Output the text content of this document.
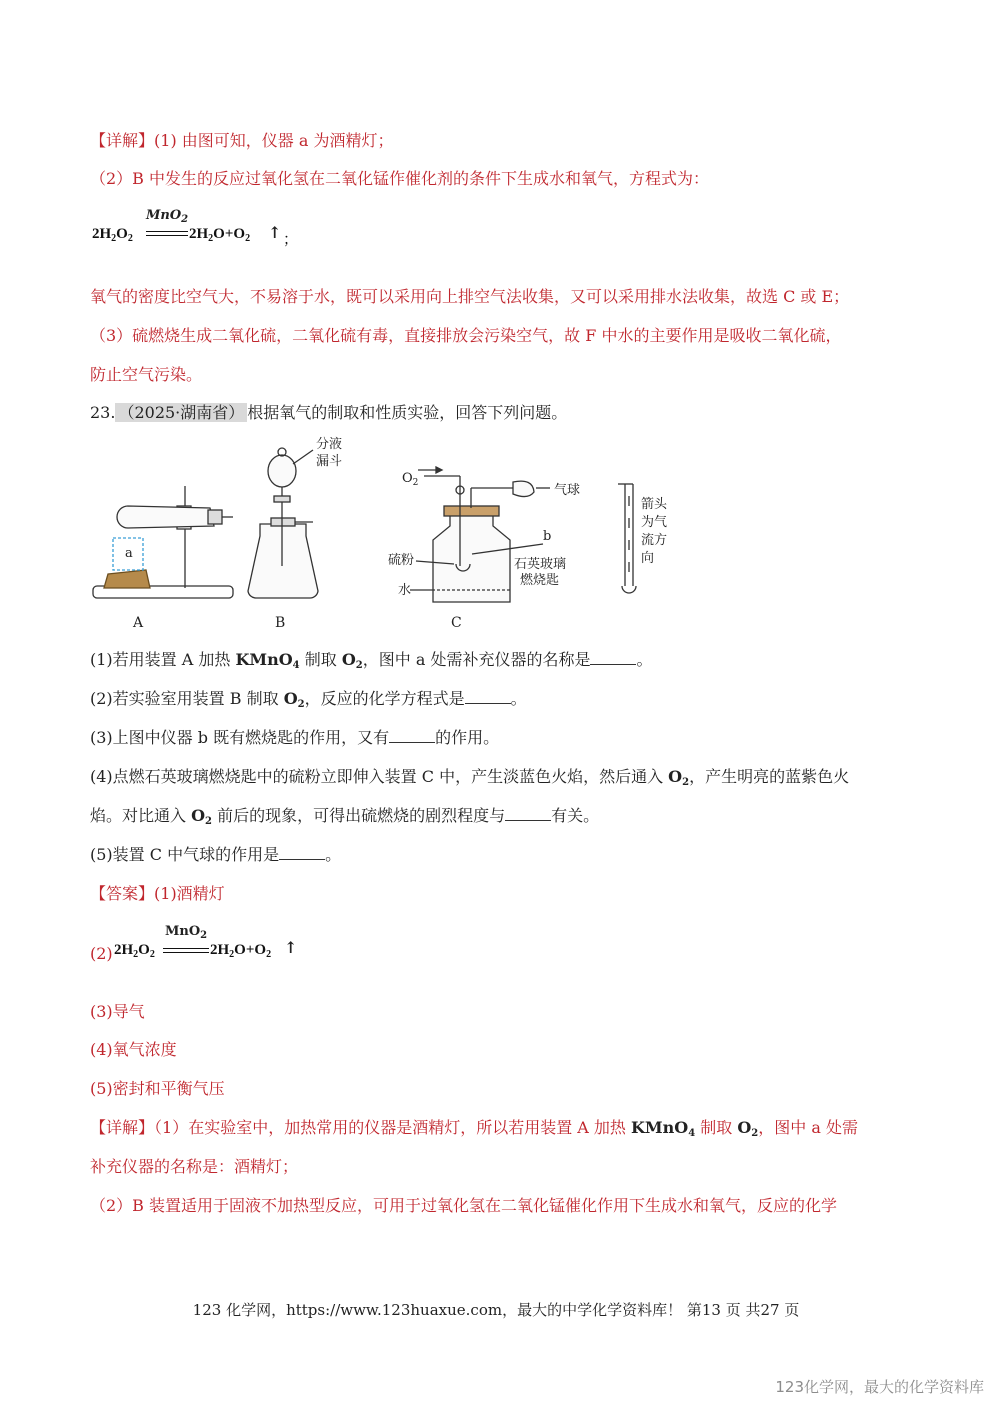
【详解】(1) 由图可知，仪器 a 为酒精灯；
（2）B 中发生的反应过氧化氢在二氧化锰作催化剂的条件下生成水和氧气，方程式为：
$2H_2O_2$
MnO$_2$
$2H_2O+O_2$ ↑ ；
氧气的密度比空气大，不易溶于水，既可以采用向上排空气法收集，又可以采用排水法收集，故选 C 或 E；
（3）硫燃烧生成二氧化硫，二氧化硫有毒，直接排放会污染空气，故 F 中水的主要作用是吸收二氧化硫，
防止空气污染。
23. （2025·湖南省） 根据氧气的制取和性质实验，回答下列问题。
a
A
分液
漏斗
B
$O_2$	气球
b
石英玻璃
燃烧匙
硫粉
水
C
箭头
为气
流方
向
(1)若用装置 A 加热 KMnO$_4$ 制取 $O_2$，图中 a 处需补充仪器的名称是	。
(2)若实验室用装置 B 制取 $O_2$，反应的化学方程式是	。
(3)上图中仪器 b 既有燃烧匙的作用，又有	的作用。
(4)点燃石英玻璃燃烧匙中的硫粉立即伸入装置 C 中，产生淡蓝色火焰，然后通入 $O_2$，产生明亮的蓝紫色火
焰。对比通入 $O_2$ 前后的现象，可得出硫燃烧的剧烈程度与	有关。
(5)装置 C 中气球的作用是	。
【答案】(1)酒精灯
(2) $2H_2O_2$
MnO$_2$
$2H_2O+O_2$ ↑
(3)导气
(4)氧气浓度
(5)密封和平衡气压
【详解】（1）在实验室中，加热常用的仪器是酒精灯，所以若用装置 A 加热 KMnO$_4$ 制取 $O_2$，图中 a 处需
补充仪器的名称是：酒精灯；
（2）B 装置适用于固液不加热型反应，可用于过氧化氢在二氧化锰催化作用下生成水和氧气，反应的化学
123 化学网，https://www.123huaxue.com，最大的中学化学资料库！ 第13 页 共27 页
123化学网，最大的化学资料库
